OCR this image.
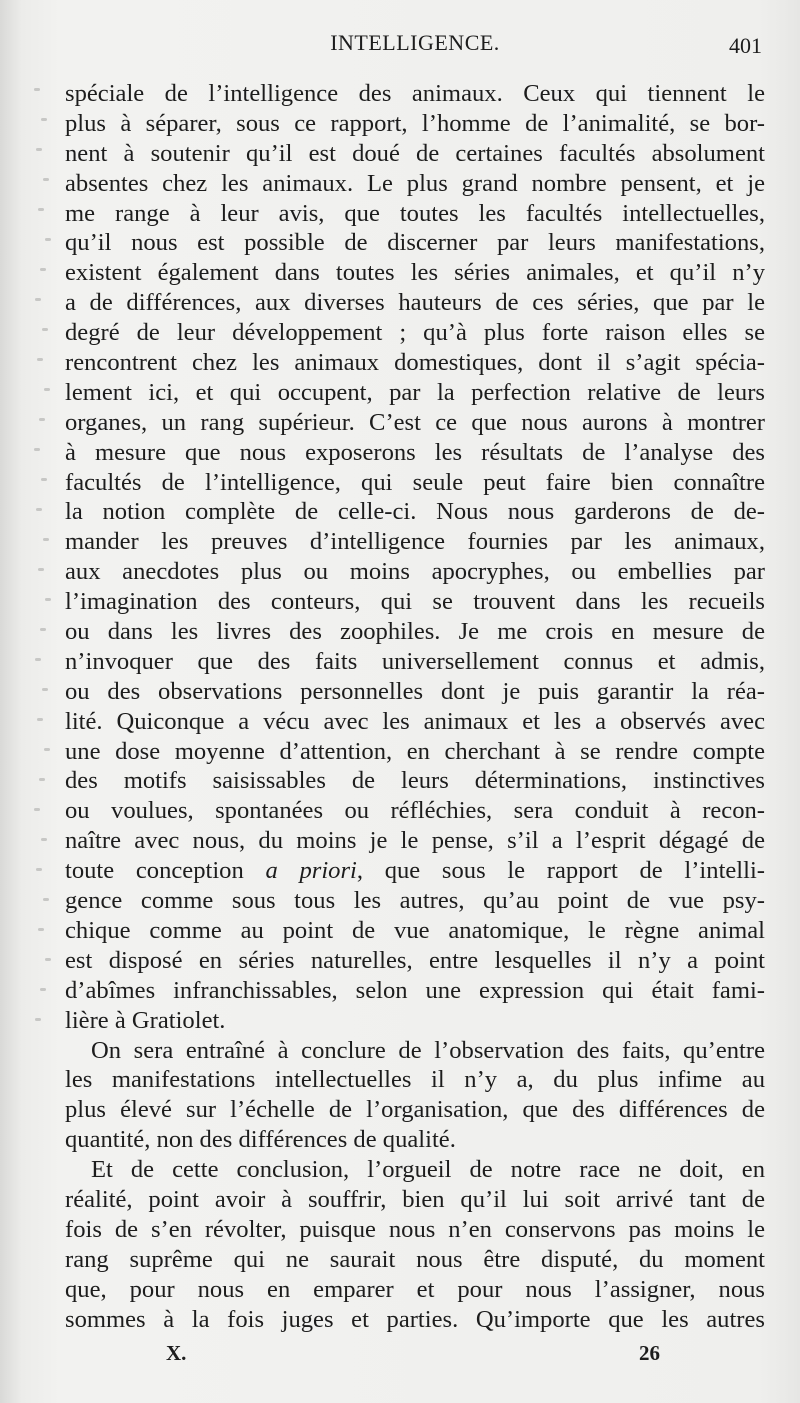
INTELLIGENCE.	401
spéciale de l’intelligence des animaux. Ceux qui tiennent le
plus à séparer, sous ce rapport, l’homme de l’animalité, se bor-
nent à soutenir qu’il est doué de certaines facultés absolument
absentes chez les animaux. Le plus grand nombre pensent, et je
me range à leur avis, que toutes les facultés intellectuelles,
qu’il nous est possible de discerner par leurs manifestations,
existent également dans toutes les séries animales, et qu’il n’y
a de différences, aux diverses hauteurs de ces séries, que par le
degré de leur développement ; qu’à plus forte raison elles se
rencontrent chez les animaux domestiques, dont il s’agit spécia-
lement ici, et qui occupent, par la perfection relative de leurs
organes, un rang supérieur. C’est ce que nous aurons à montrer
à mesure que nous exposerons les résultats de l’analyse des
facultés de l’intelligence, qui seule peut faire bien connaître
la notion complète de celle-ci. Nous nous garderons de de-
mander les preuves d’intelligence fournies par les animaux,
aux anecdotes plus ou moins apocryphes, ou embellies par
l’imagination des conteurs, qui se trouvent dans les recueils
ou dans les livres des zoophiles. Je me crois en mesure de
n’invoquer que des faits universellement connus et admis,
ou des observations personnelles dont je puis garantir la réa-
lité. Quiconque a vécu avec les animaux et les a observés avec
une dose moyenne d’attention, en cherchant à se rendre compte
des motifs saisissables de leurs déterminations, instinctives
ou voulues, spontanées ou réfléchies, sera conduit à recon-
naître avec nous, du moins je le pense, s’il a l’esprit dégagé de
toute conception a priori, que sous le rapport de l’intelli-
gence comme sous tous les autres, qu’au point de vue psy-
chique comme au point de vue anatomique, le règne animal
est disposé en séries naturelles, entre lesquelles il n’y a point
d’abîmes infranchissables, selon une expression qui était fami-
lière à Gratiolet.
On sera entraîné à conclure de l’observation des faits, qu’entre
les manifestations intellectuelles il n’y a, du plus infime au
plus élevé sur l’échelle de l’organisation, que des différences de
quantité, non des différences de qualité.
Et de cette conclusion, l’orgueil de notre race ne doit, en
réalité, point avoir à souffrir, bien qu’il lui soit arrivé tant de
fois de s’en révolter, puisque nous n’en conservons pas moins le
rang suprême qui ne saurait nous être disputé, du moment
que, pour nous en emparer et pour nous l’assigner, nous
sommes à la fois juges et parties. Qu’importe que les autres
X.	26
